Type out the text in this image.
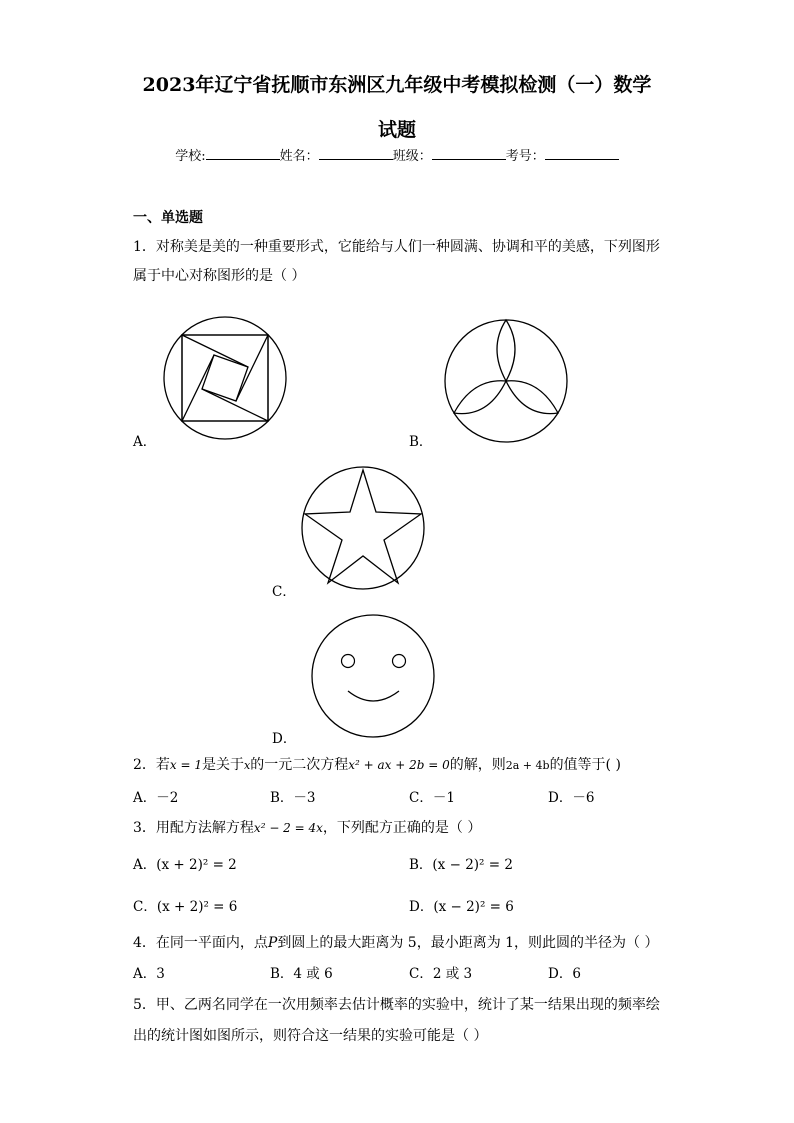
2023年辽宁省抚顺市东洲区九年级中考模拟检测（一）数学
试题
学校:	姓名：	班级：	考号：
一、单选题
1．对称美是美的一种重要形式，它能给与人们一种圆满、协调和平的美感，下列图形
属于中心对称图形的是（ ）
A．	B．
C．
D．
2．若x = 1是关于x的一元二次方程x² + ax + 2b = 0的解，则2a + 4b的值等于( )
A．－2	B．－3	C．－1	D．－6
3．用配方法解方程x² − 2 = 4x，下列配方正确的是（ ）
A．(x + 2)² = 2	B．(x − 2)² = 2
C．(x + 2)² = 6	D．(x − 2)² = 6
4．在同一平面内，点P到圆上的最大距离为 5，最小距离为 1，则此圆的半径为（ ）
A．3	B．4 或 6	C．2 或 3	D．6
5．甲、乙两名同学在一次用频率去估计概率的实验中，统计了某一结果出现的频率绘
出的统计图如图所示，则符合这一结果的实验可能是（ ）
